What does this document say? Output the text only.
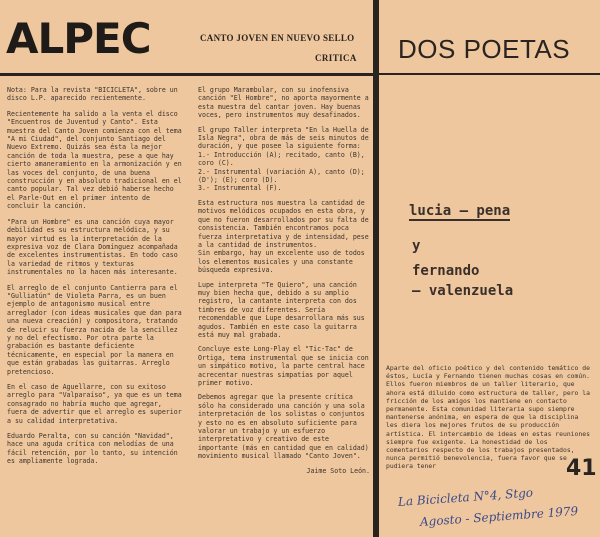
ALPEC	CANTO JOVEN EN NUEVO SELLO
CRITICA DOS POETAS

Nota: Para la revista "BICICLETA", sobre un disco L.P. aparecido recientemente.

Recientemente ha salido a la venta el disco "Encuentros de Juventud y Canto". Esta muestra del Canto Joven comienza con el tema "A mi Ciudad", del conjunto Santiago del Nuevo Extremo. Quizás sea ésta la mejor canción de toda la muestra, pese a que hay cierto amaneramiento en la armonización y en las voces del conjunto, de una buena construcción y en absoluto tradicional en el canto popular. Tal vez debió haberse hecho el Parle-Out en el primer intento de concluir la canción.

"Para un Hombre" es una canción cuya mayor debilidad es su estructura melódica, y su mayor virtud es la interpretación de la expresiva voz de Clara Domínguez acompañada de excelentes instrumentistas. En todo caso la variedad de ritmos y texturas instrumentales no la hacen más interesante.

El arreglo de el conjunto Cantierra para el "Gulliatún" de Violeta Parra, es un buen ejemplo de antagonismo musical entre arreglador (con ideas musicales que dan para una nueva creación) y compositora, tratando de relucir su fuerza nacida de la sencillez y no del efectismo. Por otra parte la grabación es bastante deficiente técnicamente, en especial por la manera en que están grabadas las guitarras. Arreglo pretencioso.

En el caso de Aguellarre, con su exitoso arreglo para "Valparaíso", ya que es un tema consagrado no habría mucho que agregar, fuera de advertir que el arreglo es superior a su calidad interpretativa.

Eduardo Peralta, con su canción "Navidad", hace una aguda crítica con melodías de una fácil retención, por lo tanto, su intención es ampliamente lograda.

El grupo Marambular, con su inofensiva canción "El Hombre", no aporta mayormente a esta muestra del cantar joven. Hay buenas voces, pero instrumentos muy desafinados.

El grupo Taller interpreta "En la Huella de Isla Negra", obra de más de seis minutos de duración, y que posee la siguiente forma:
1.- Introducción (A); recitado, canto (B), coro (C).
2.- Instrumental (variación A), canto (D); (D'); (E); coro (D).
3.- Instrumental (F).

Esta estructura nos muestra la cantidad de motivos melódicos ocupados en esta obra, y que no fueron desarrollados por su falta de consistencia. También encontramos poca fuerza interpretativa y de intensidad, pese a la cantidad de instrumentos.
Sin embargo, hay un excelente uso de todos los elementos musicales y una constante búsqueda expresiva.

Lupe interpreta "Te Quiero", una canción muy bien hecha que, debido a su amplio registro, la cantante interpreta con dos timbres de voz diferentes. Sería recomendable que Lupe desarrollara más sus agudos. También en este caso la guitarra está muy mal grabada.

Concluye este Long-Play el "Tic-Tac" de Ortiga, tema instrumental que se inicia con un simpático motivo, la parte central hace acrecentar nuestras simpatías por aquel primer motivo.

Debemos agregar que la presente crítica sólo ha considerado una canción y una sola interpretación de los solistas o conjuntos y esto no es en absoluto suficiente para valorar un trabajo y un esfuerzo interpretativo y creativo de este importante (más en cantidad que en calidad) movimiento musical llamado "Canto Joven".

Jaime Soto León.
lucia — pena
y
fernando
— valenzuela

Aparte del oficio poético y del contenido temático de éstos, Lucía y Fernando tienen muchas cosas en común. Ellos fueron miembros de un taller literario, que ahora está diluido como estructura de taller, pero la fricción de los amigos los mantiene en contacto permanente. Esta comunidad literaria supo siempre mantenerse anónima, en espera de que la disciplina les diera los mejores frutos de su producción artística. El intercambio de ideas en estas reuniones siempre fue exigente. La honestidad de los comentarios respecto de los trabajos presentados, nunca permitió benevolencia, fuera favor que se pudiera tener	41
La Bicicleta N°4, Stgo
Agosto - Septiembre 1979
